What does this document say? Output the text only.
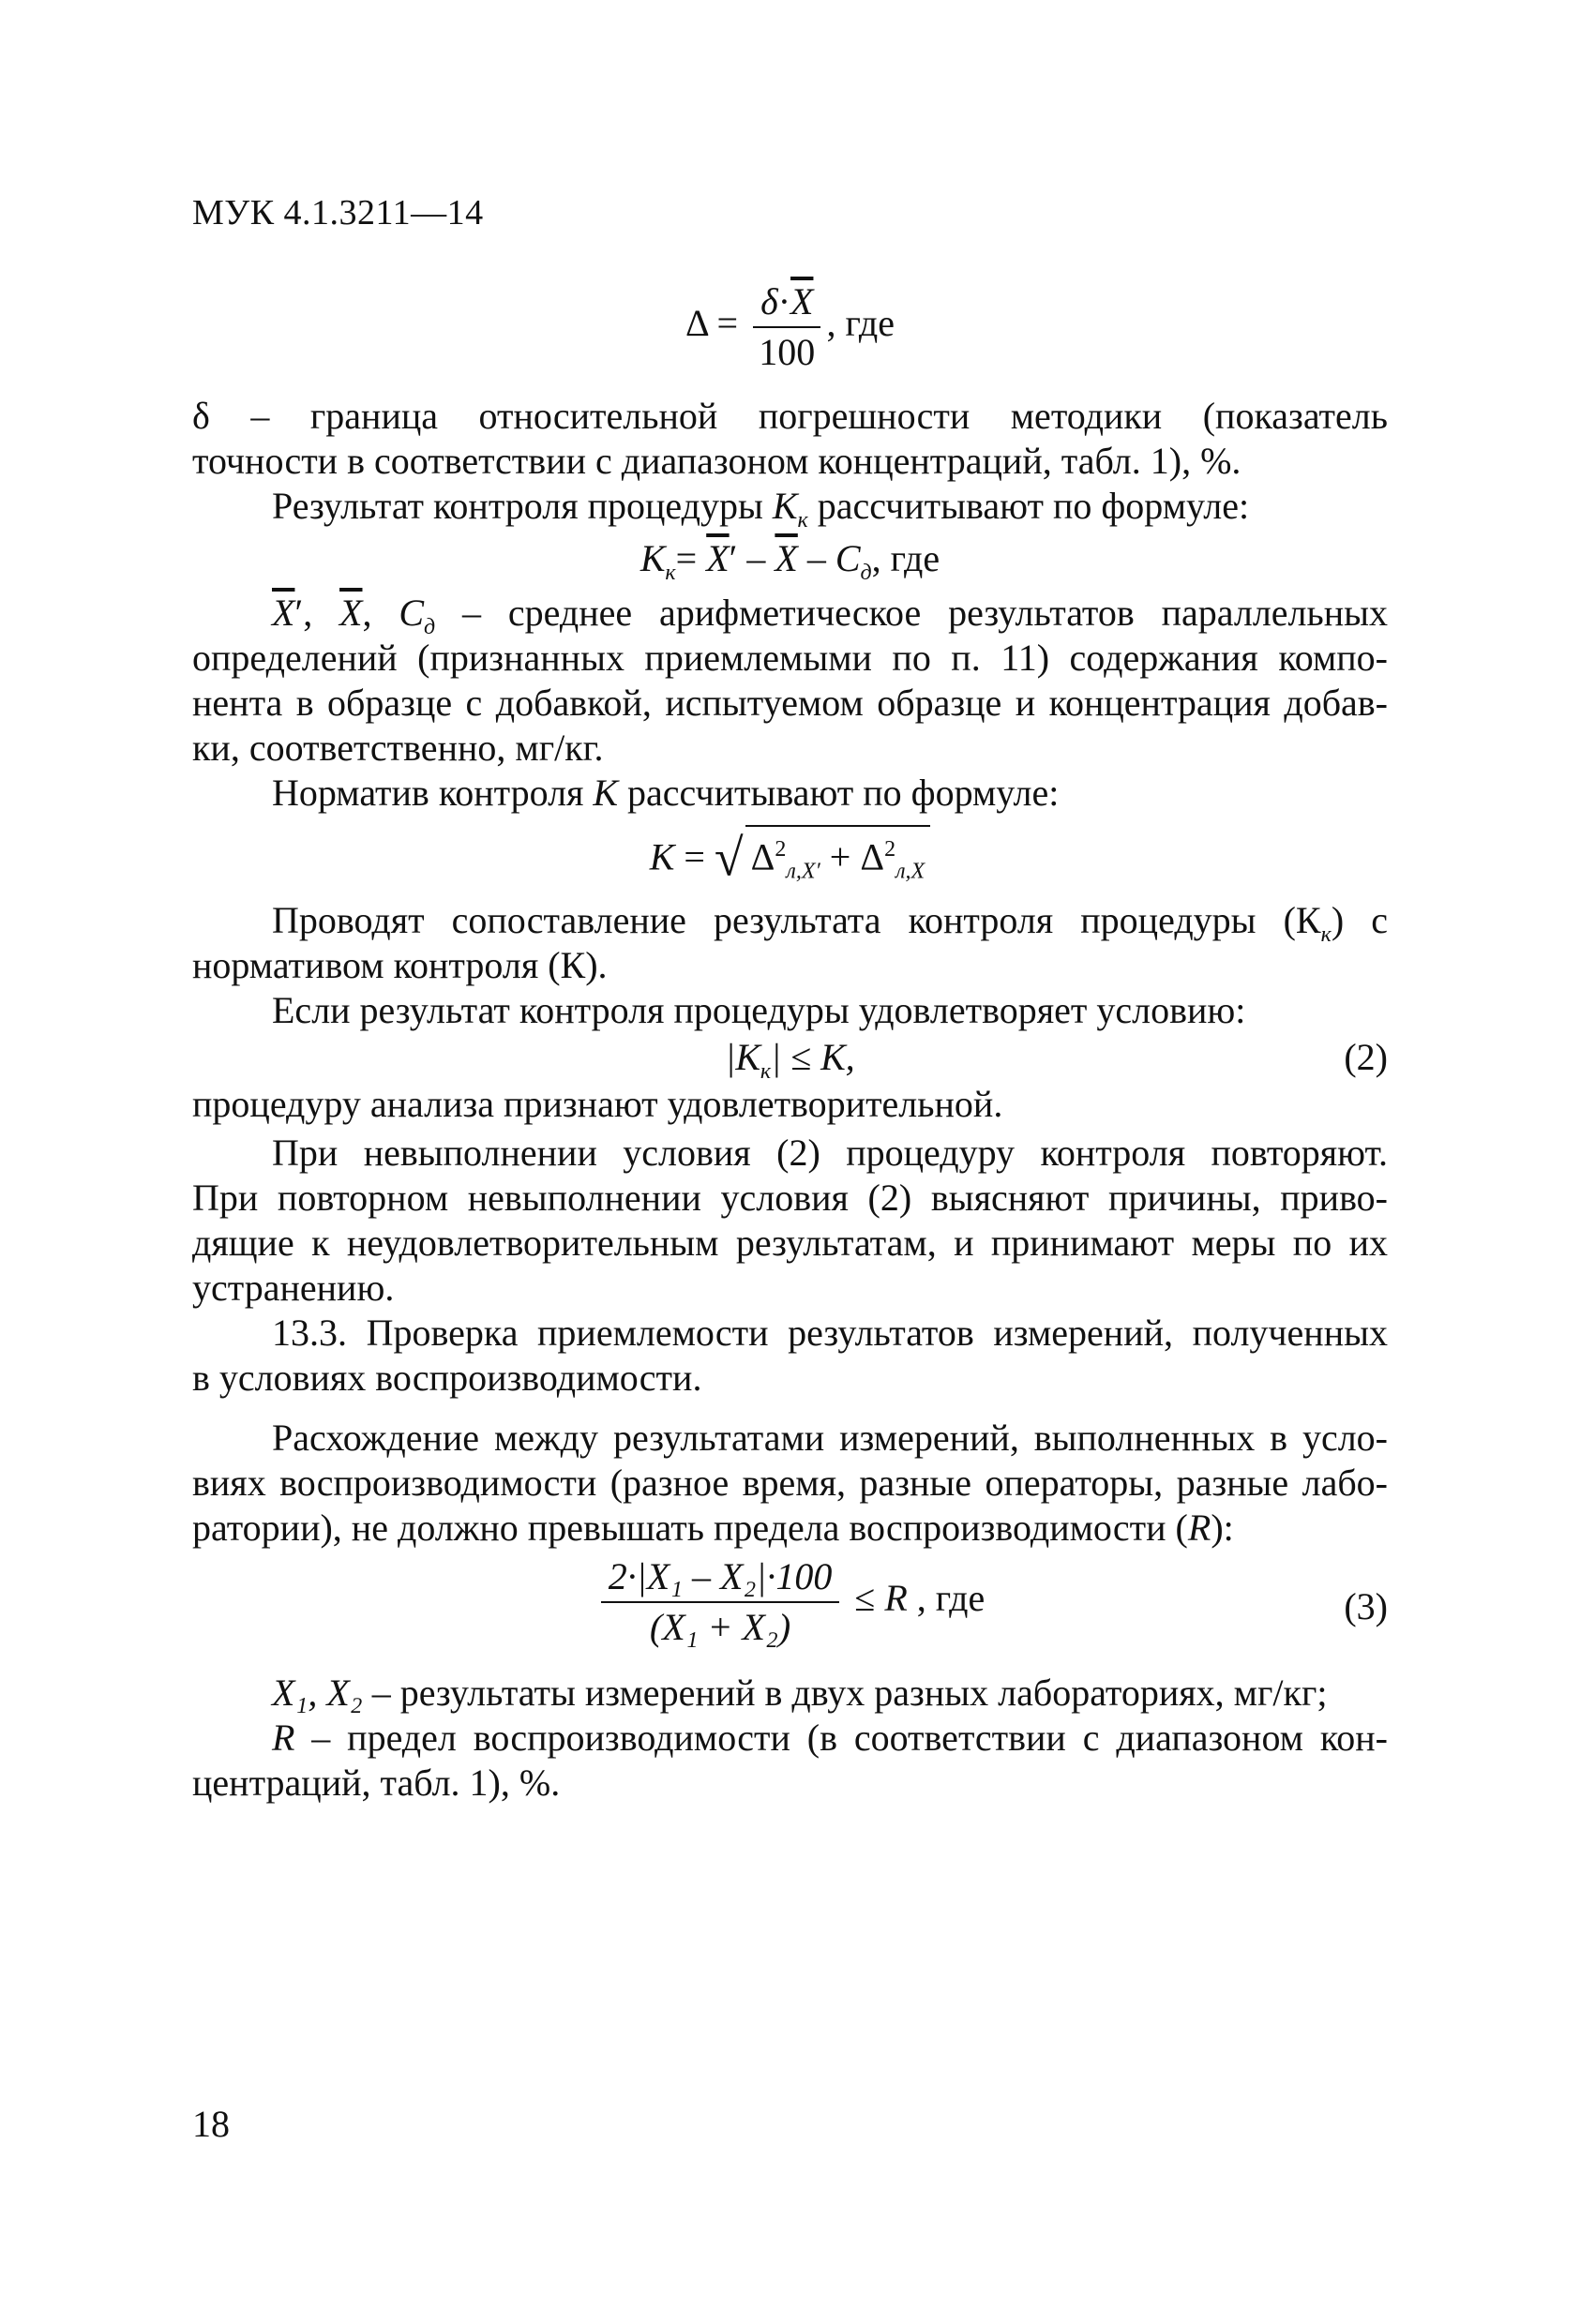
МУК 4.1.3211—14
$\Delta = \frac{\delta\cdot\overline{X}}{100}$ , где
δ – граница относительной погрешности методики (показатель
точности в соответствии с диапазоном концентраций, табл. 1), %.
Результат контроля процедуры $К_к$ рассчитывают по формуле:
$К_к= \overline{X}' - \overline{X} - С_д$, где
$\overline{X}'$, $\overline{X}$, $С_д$ – среднее арифметическое результатов параллельных
определений (признанных приемлемыми по п. 11) содержания компо-
нента в образце с добавкой, испытуемом образце и концентрация добав-
ки, соответственно, мг/кг.
Норматив контроля К рассчитывают по формуле:
К = √ $\Delta^2_{л,X'} + \Delta^2_{л,X}$
Проводят сопоставление результата контроля процедуры $(К_к)$ с
нормативом контроля (К).
Если результат контроля процедуры удовлетворяет условию:
$|К_к| \le К$,	(2)
процедуру анализа признают удовлетворительной.
При невыполнении условия (2) процедуру контроля повторяют.
При повторном невыполнении условия (2) выясняют причины, приво-
дящие к неудовлетворительным результатам, и принимают меры по их
устранению.
13.3. Проверка приемлемости результатов измерений, полученных
в условиях воспроизводимости.
Расхождение между результатами измерений, выполненных в усло-
виях воспроизводимости (разное время, разные операторы, разные лабо-
ратории), не должно превышать предела воспроизводимости (R):
$\frac{\text{2·|X₁ – X₂|·100}}{\text{(X₁ + X₂)}} \le R$ , где	(3)
X₁, X₂ – результаты измерений в двух разных лабораториях, мг/кг;
R – предел воспроизводимости (в соответствии с диапазоном кон-
центраций, табл. 1), %.
18
